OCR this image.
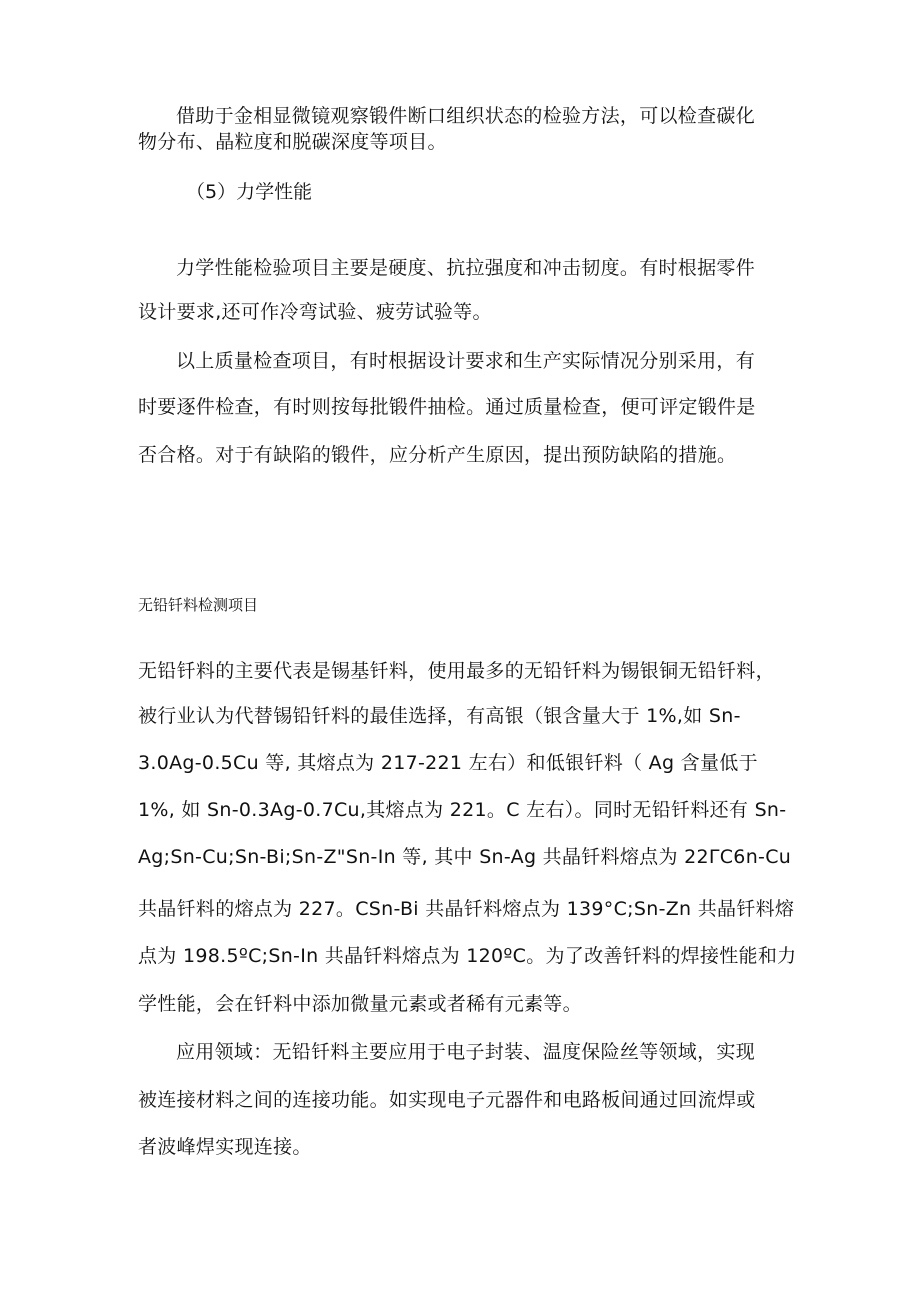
借助于金相显微镜观察锻件断口组织状态的检验方法，可以检查碳化
物分布、晶粒度和脱碳深度等项目。
（5）力学性能
力学性能检验项目主要是硬度、抗拉强度和冲击韧度。有时根据零件
设计要求,还可作冷弯试验、疲劳试验等。
以上质量检查项目，有时根据设计要求和生产实际情况分别采用，有
时要逐件检查，有时则按每批锻件抽检。通过质量检查，便可评定锻件是
否合格。对于有缺陷的锻件，应分析产生原因，提出预防缺陷的措施。
无铅钎料检测项目
无铅钎料的主要代表是锡基钎料，使用最多的无铅钎料为锡银铜无铅钎料，
被行业认为代替锡铅钎料的最佳选择，有高银（银含量大于 1%,如 Sn-
3.0Ag-0.5Cu 等, 其熔点为 217-221 左右）和低银钎料（ Ag 含量低于
1%, 如 Sn-0.3Ag-0.7Cu,其熔点为 221。C 左右）。同时无铅钎料还有 Sn-
Ag;Sn-Cu;Sn-Bi;Sn-Z"Sn-In 等, 其中 Sn-Ag 共晶钎料熔点为 22ΓC6n-Cu
共晶钎料的熔点为 227。CSn-Bi 共晶钎料熔点为 139°C;Sn-Zn 共晶钎料熔
点为 198.5ºC;Sn-In 共晶钎料熔点为 120ºC。为了改善钎料的焊接性能和力
学性能，会在钎料中添加微量元素或者稀有元素等。
应用领域：无铅钎料主要应用于电子封装、温度保险丝等领域，实现
被连接材料之间的连接功能。如实现电子元器件和电路板间通过回流焊或
者波峰焊实现连接。
